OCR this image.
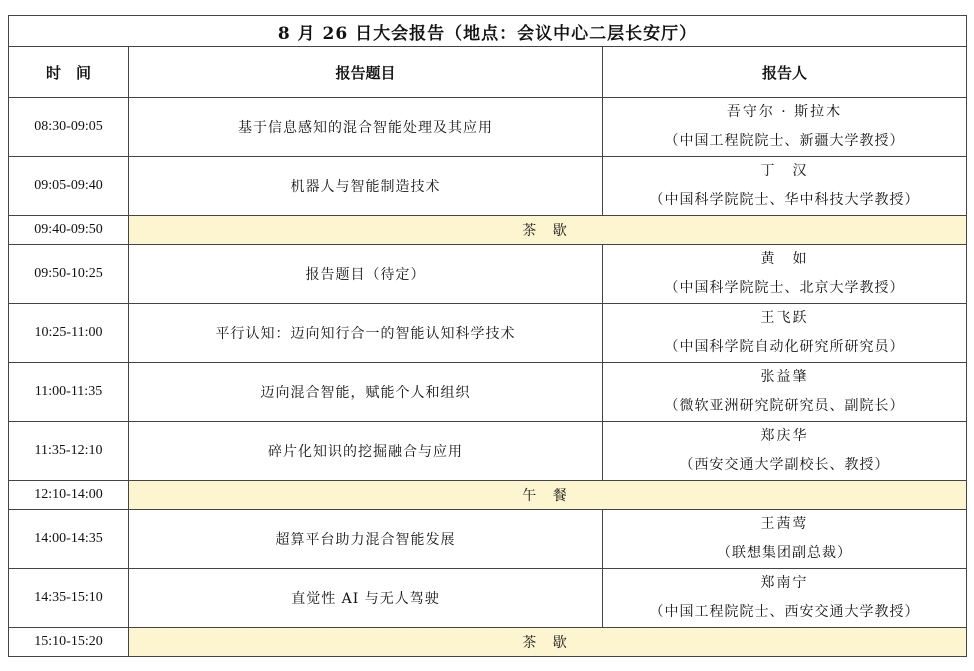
8 月 26 日大会报告（地点：会议中心二层长安厅）		
时　间	报告题目	报告人
08:30-09:05	基于信息感知的混合智能处理及其应用	吾守尔 · 斯拉木
（中国工程院院士、新疆大学教授）

09:05-09:40	机器人与智能制造技术	丁　汉
（中国科学院院士、华中科技大学教授）

09:40-09:50	茶 歇	
09:50-10:25	报告题目（待定）	黄　如
（中国科学院院士、北京大学教授）

10:25-11:00	平行认知：迈向知行合一的智能认知科学技术	王飞跃
（中国科学院自动化研究所研究员）

11:00-11:35	迈向混合智能，赋能个人和组织	张益肇
（微软亚洲研究院研究员、副院长）

11:35-12:10	碎片化知识的挖掘融合与应用	郑庆华
（西安交通大学副校长、教授）

12:10-14:00	午 餐	
14:00-14:35	超算平台助力混合智能发展	王茜莺
（联想集团副总裁）

14:35-15:10	直觉性 AI 与无人驾驶	郑南宁
（中国工程院院士、西安交通大学教授）

15:10-15:20	茶 歇	
